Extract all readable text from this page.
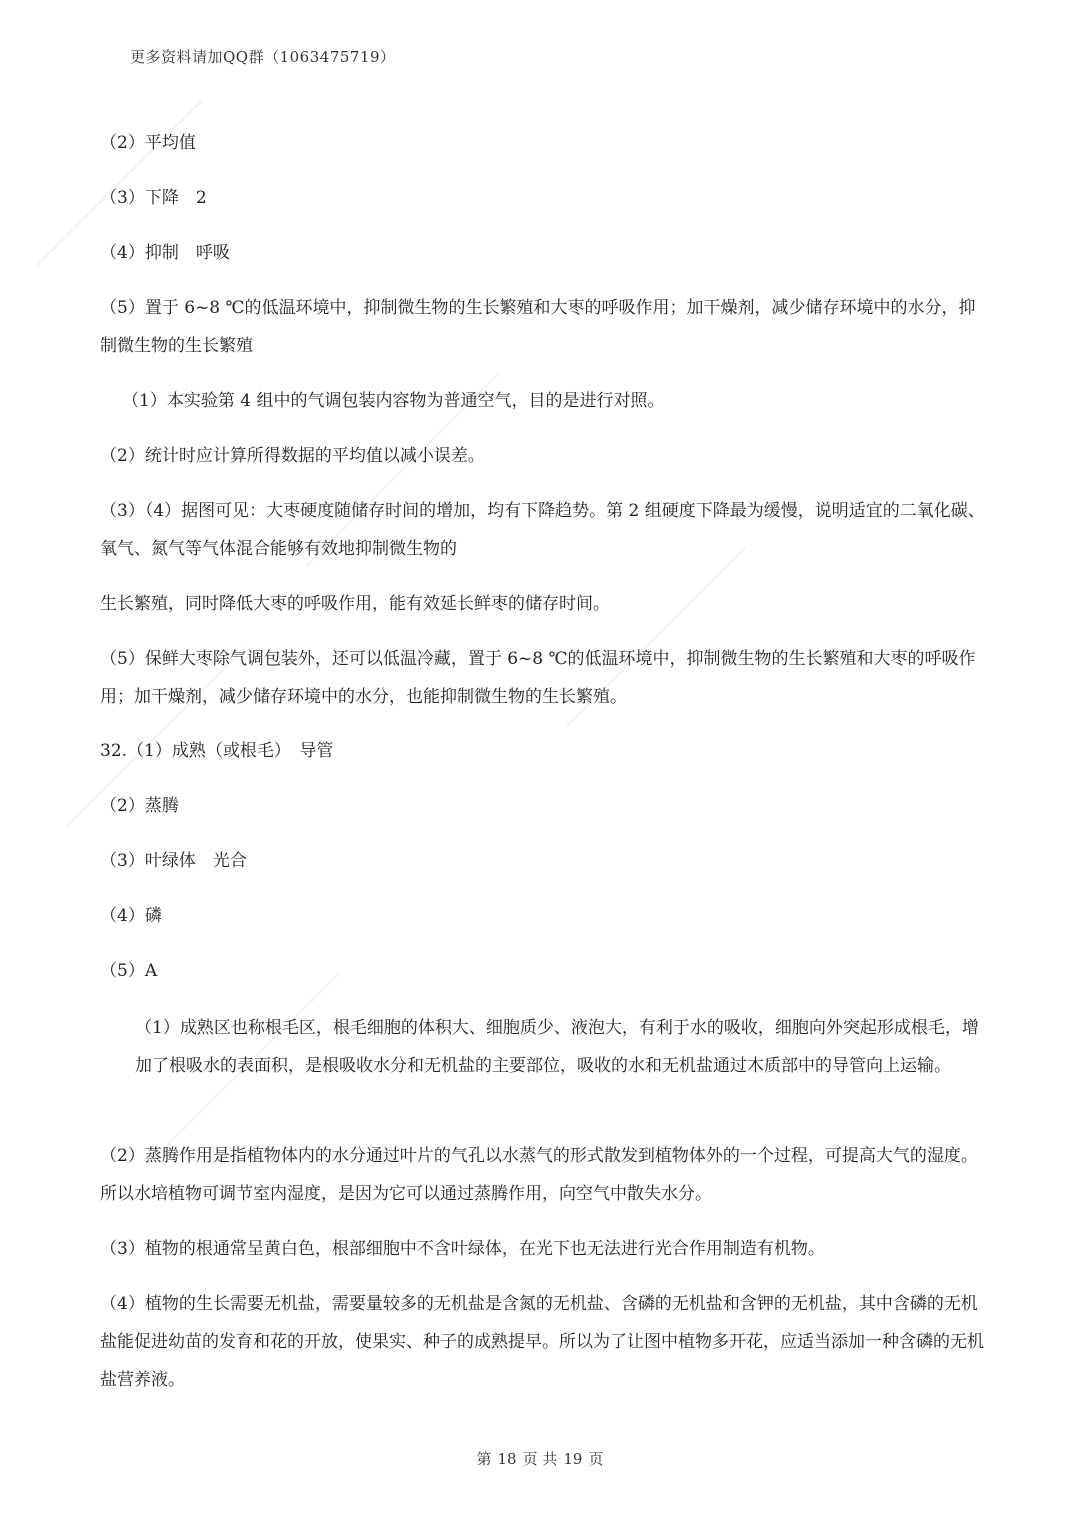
更多资料请加QQ群（1063475719）
（2）平均值
（3）下降　2
（4）抑制　呼吸
（5）置于 6~8 ℃的低温环境中，抑制微生物的生长繁殖和大枣的呼吸作用；加干燥剂，减少储存环境中的水分，抑制微生物的生长繁殖
（1）本实验第 4 组中的气调包装内容物为普通空气，目的是进行对照。
（2）统计时应计算所得数据的平均值以减小误差。
（3）（4）据图可见：大枣硬度随储存时间的增加，均有下降趋势。第 2 组硬度下降最为缓慢，说明适宜的二氧化碳、氧气、氮气等气体混合能够有效地抑制微生物的
生长繁殖，同时降低大枣的呼吸作用，能有效延长鲜枣的储存时间。
（5）保鲜大枣除气调包装外，还可以低温冷藏，置于 6~8 ℃的低温环境中，抑制微生物的生长繁殖和大枣的呼吸作用；加干燥剂，减少储存环境中的水分，也能抑制微生物的生长繁殖。
32.（1）成熟（或根毛）　导管
（2）蒸腾
（3）叶绿体　光合
（4）磷
（5）A
（1）成熟区也称根毛区，根毛细胞的体积大、细胞质少、液泡大，有利于水的吸收，细胞向外突起形成根毛，增加了根吸水的表面积，是根吸收水分和无机盐的主要部位，吸收的水和无机盐通过木质部中的导管向上运输。
（2）蒸腾作用是指植物体内的水分通过叶片的气孔以水蒸气的形式散发到植物体外的一个过程，可提高大气的湿度。所以水培植物可调节室内湿度，是因为它可以通过蒸腾作用，向空气中散失水分。
（3）植物的根通常呈黄白色，根部细胞中不含叶绿体，在光下也无法进行光合作用制造有机物。
（4）植物的生长需要无机盐，需要量较多的无机盐是含氮的无机盐、含磷的无机盐和含钾的无机盐，其中含磷的无机盐能促进幼苗的发育和花的开放，使果实、种子的成熟提早。所以为了让图中植物多开花，应适当添加一种含磷的无机盐营养液。
第 18 页 共 19 页
